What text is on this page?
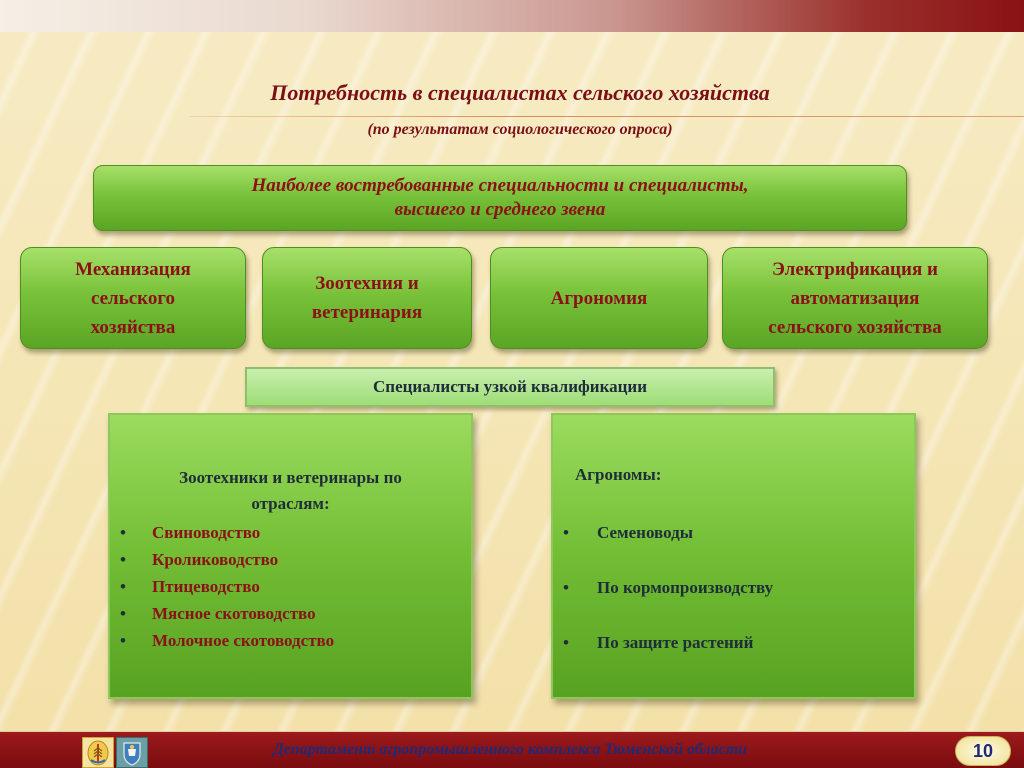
Потребность в специалистах сельского хозяйства
(по результатам социологического опроса)
Наиболее востребованные специальности и специалисты,
высшего и среднего звена
Механизация
сельского
хозяйства
Зоотехния и
ветеринария
Агрономия
Электрификация и
автоматизация
сельского хозяйства
Специалисты узкой квалификации
Зоотехники и ветеринары по
отраслям:
• Свиноводство
• Кролиководство
• Птицеводство
• Мясное скотоводство
• Молочное скотоводство
Агрономы:
• Семеноводы
• По кормопроизводству
• По защите растений
Департамент агропромышленного комплекса Тюменской области	10
